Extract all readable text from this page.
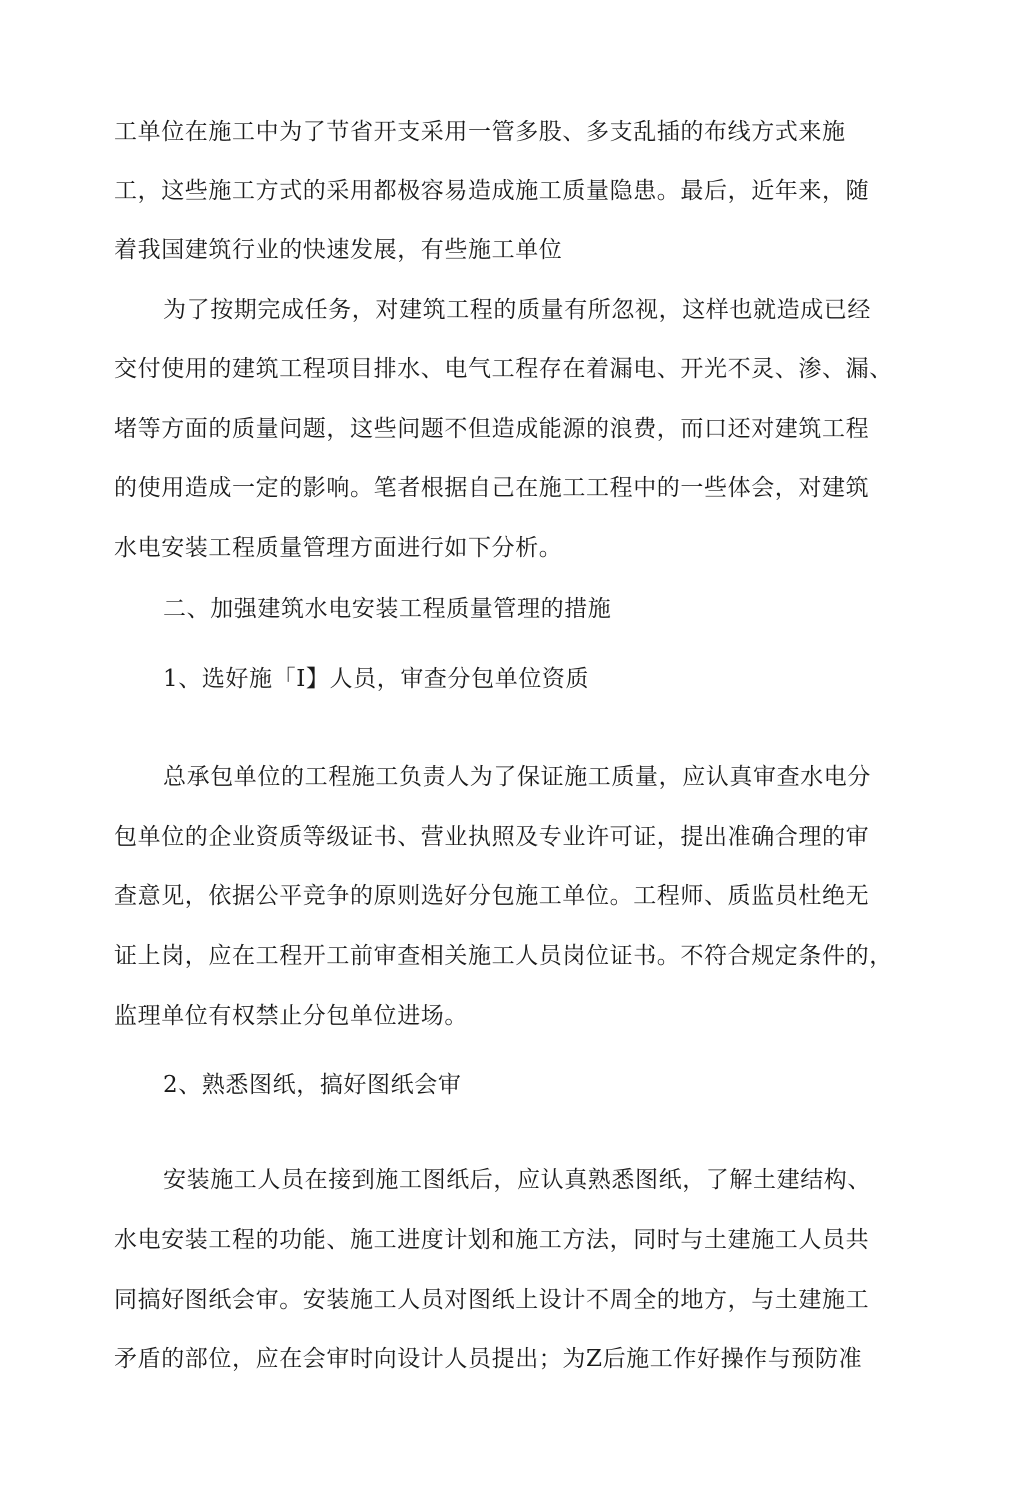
工单位在施工中为了节省开支采用一管多股、多支乱插的布线方式来施
工，这些施工方式的采用都极容易造成施工质量隐患。最后，近年来，随
着我国建筑行业的快速发展，有些施工单位
为了按期完成任务，对建筑工程的质量有所忽视，这样也就造成已经
交付使用的建筑工程项目排水、电气工程存在着漏电、开光不灵、渗、漏、
堵等方面的质量问题，这些问题不但造成能源的浪费，而口还对建筑工程
的使用造成一定的影响。笔者根据自己在施工工程中的一些体会，对建筑
水电安装工程质量管理方面进行如下分析。
二、加强建筑水电安装工程质量管理的措施
1、选好施「I】人员，审查分包单位资质
总承包单位的工程施工负责人为了保证施工质量，应认真审查水电分
包单位的企业资质等级证书、营业执照及专业许可证，提出准确合理的审
查意见，依据公平竞争的原则选好分包施工单位。工程师、质监员杜绝无
证上岗，应在工程开工前审查相关施工人员岗位证书。不符合规定条件的，
监理单位有权禁止分包单位进场。
2、熟悉图纸，搞好图纸会审
安装施工人员在接到施工图纸后，应认真熟悉图纸，了解土建结构、
水电安装工程的功能、施工进度计划和施工方法，同时与土建施工人员共
同搞好图纸会审。安装施工人员对图纸上设计不周全的地方，与土建施工
矛盾的部位，应在会审时向设计人员提出；为Z后施工作好操作与预防准
